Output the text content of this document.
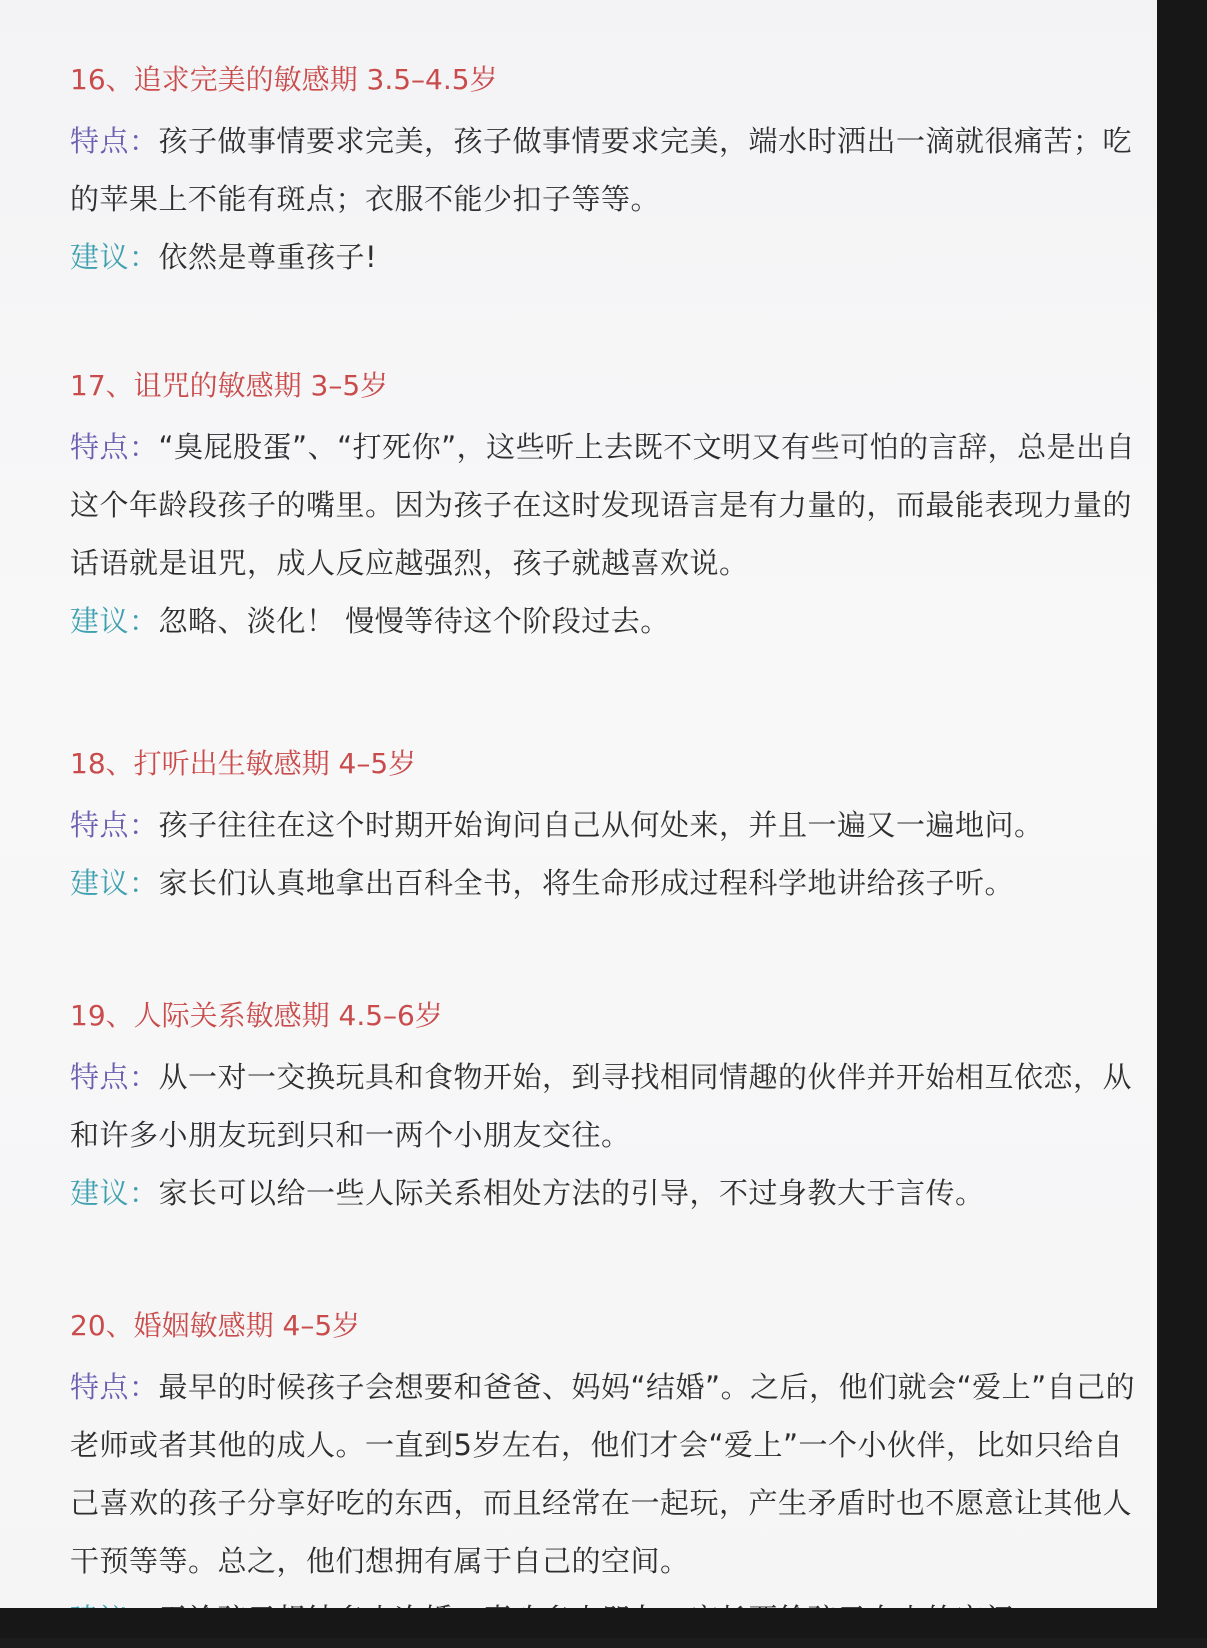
16、追求完美的敏感期 3.5–4.5岁

特点：孩子做事情要求完美，孩子做事情要求完美，端水时洒出一滴就很痛苦；吃的苹果上不能有斑点；衣服不能少扣子等等。

建议：依然是尊重孩子!

17、诅咒的敏感期 3–5岁

特点：“臭屁股蛋”、“打死你”，这些听上去既不文明又有些可怕的言辞，总是出自这个年龄段孩子的嘴里。因为孩子在这时发现语言是有力量的，而最能表现力量的话语就是诅咒，成人反应越强烈，孩子就越喜欢说。

建议：忽略、淡化！ 慢慢等待这个阶段过去。

18、打听出生敏感期 4–5岁

特点：孩子往往在这个时期开始询问自己从何处来，并且一遍又一遍地问。

建议：家长们认真地拿出百科全书，将生命形成过程科学地讲给孩子听。

19、人际关系敏感期 4.5–6岁

特点：从一对一交换玩具和食物开始，到寻找相同情趣的伙伴并开始相互依恋，从和许多小朋友玩到只和一两个小朋友交往。

建议：家长可以给一些人际关系相处方法的引导，不过身教大于言传。

20、婚姻敏感期 4–5岁

特点：最早的时候孩子会想要和爸爸、妈妈“结婚”。之后，他们就会“爱上”自己的老师或者其他的成人。一直到5岁左右，他们才会“爱上”一个小伙伴，比如只给自己喜欢的孩子分享好吃的东西，而且经常在一起玩，产生矛盾时也不愿意让其他人干预等等。总之，他们想拥有属于自己的空间。
